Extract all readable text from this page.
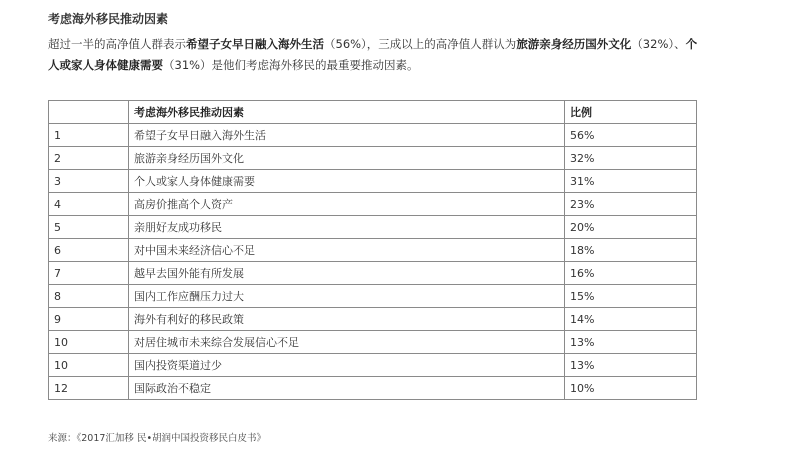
考虑海外移民推动因素

超过一半的高净值人群表示希望子女早日融入海外生活（56%），三成以上的高净值人群认为旅游亲身经历国外文化（32%）、个人或家人身体健康需要（31%）是他们考虑海外移民的最重要推动因素。

	考虑海外移民推动因素	比例
1	希望子女早日融入海外生活	56%
2	旅游亲身经历国外文化	32%
3	个人或家人身体健康需要	31%
4	高房价推高个人资产	23%
5	亲朋好友成功移民	20%
6	对中国未来经济信心不足	18%
7	越早去国外能有所发展	16%
8	国内工作应酬压力过大	15%
9	海外有利好的移民政策	14%
10	对居住城市未来综合发展信心不足	13%
10	国内投资渠道过少	13%
12	国际政治不稳定	10%
来源：《2017汇加移 民•胡润中国投资移民白皮书》
